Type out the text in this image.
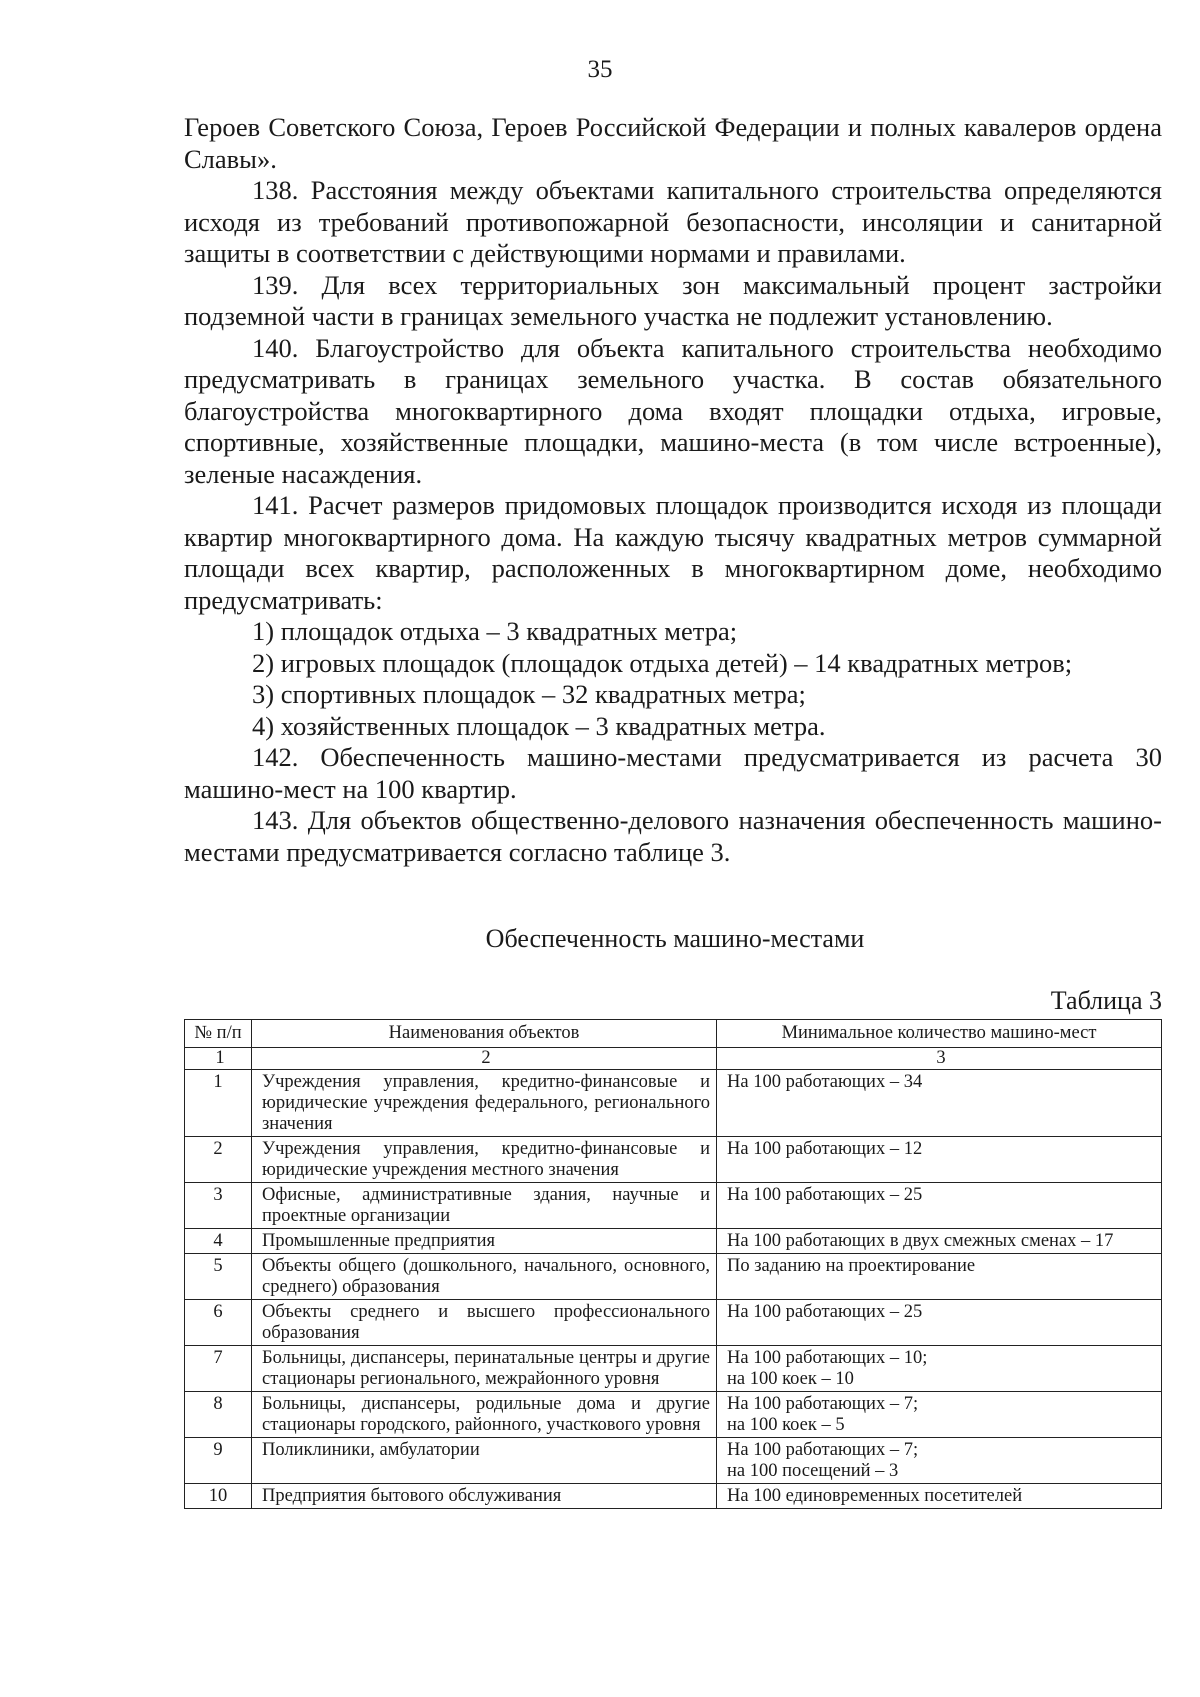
35

Героев Советского Союза, Героев Российской Федерации и полных кавалеров ордена Славы».

138. Расстояния между объектами капитального строительства определяются исходя из требований противопожарной безопасности, инсоляции и санитарной защиты в соответствии с действующими нормами и правилами.

139. Для всех территориальных зон максимальный процент застройки подземной части в границах земельного участка не подлежит установлению.

140. Благоустройство для объекта капитального строительства необходимо предусматривать в границах земельного участка. В состав обязательного благоустройства многоквартирного дома входят площадки отдыха, игровые, спортивные, хозяйственные площадки, машино-места (в том числе встроенные), зеленые насаждения.

141. Расчет размеров придомовых площадок производится исходя из площади квартир многоквартирного дома. На каждую тысячу квадратных метров суммарной площади всех квартир, расположенных в многоквартирном доме, необходимо предусматривать:

1) площадок отдыха – 3 квадратных метра;

2) игровых площадок (площадок отдыха детей) – 14 квадратных метров;

3) спортивных площадок – 32 квадратных метра;

4) хозяйственных площадок – 3 квадратных метра.

142. Обеспеченность машино-местами предусматривается из расчета 30 машино-мест на 100 квартир.

143. Для объектов общественно-делового назначения обеспеченность машино-местами предусматривается согласно таблице 3.

Обеспеченность машино-местами
Таблица 3
№ п/п	Наименования объектов	Минимальное количество машино-мест
1	2	3
1	Учреждения управления, кредитно-финансовые и юридические учреждения федерального, регионального значения	На 100 работающих – 34

2	Учреждения управления, кредитно-финансовые и юридические учреждения местного значения	На 100 работающих – 12

3	Офисные, административные здания, научные и проектные организации	На 100 работающих – 25

4	Промышленные предприятия	На 100 работающих в двух смежных сменах – 17

5	Объекты общего (дошкольного, начального, основного, среднего) образования	По заданию на проектирование

6	Объекты среднего и высшего профессионального образования	На 100 работающих – 25

7	Больницы, диспансеры, перинатальные центры и другие стационары регионального, межрайонного уровня	На 100 работающих – 10;
на 100 коек – 10

8	Больницы, диспансеры, родильные дома и другие стационары городского, районного, участкового уровня	На 100 работающих – 7;
на 100 коек – 5

9	Поликлиники, амбулатории	На 100 работающих – 7;
на 100 посещений – 3

10	Предприятия бытового обслуживания	На 100 единовременных посетителей
